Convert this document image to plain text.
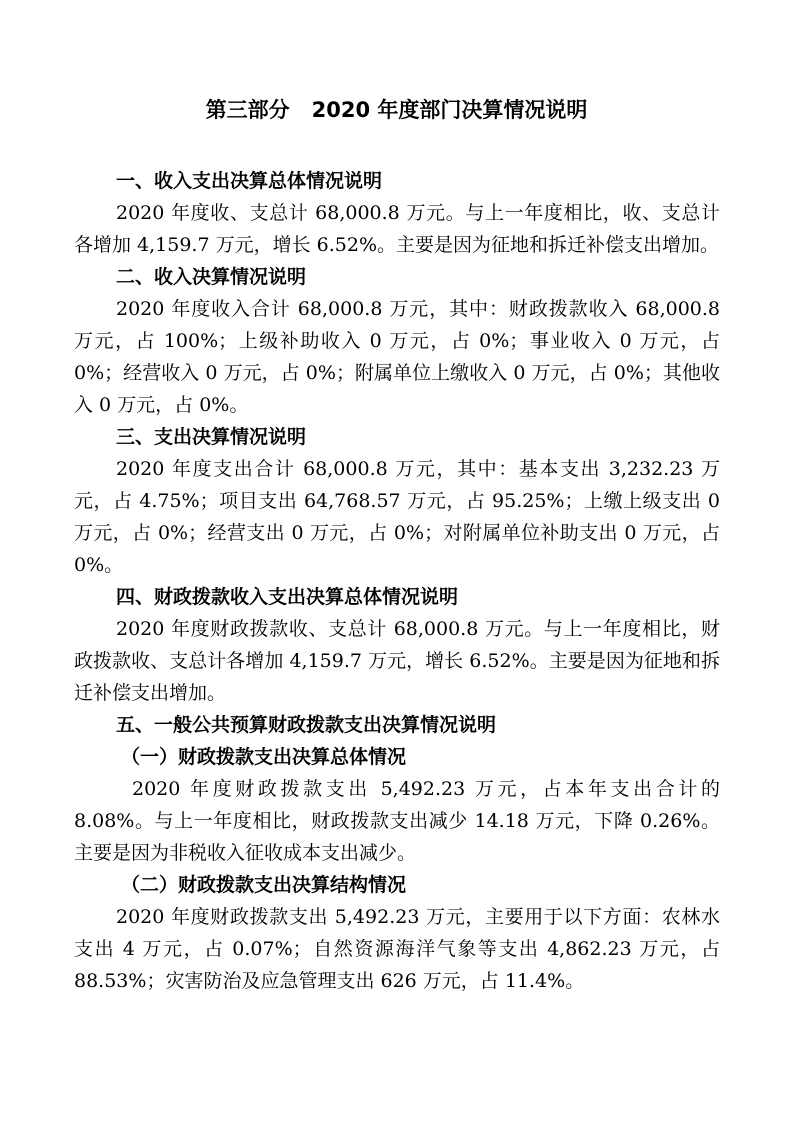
第三部分 2020 年度部门决算情况说明
一、收入支出决算总体情况说明
2020 年度收、支总计 68,000.8 万元。与上一年度相比，收、支总计各增加 4,159.7 万元，增长 6.52%。主要是因为征地和拆迁补偿支出增加。
二、收入决算情况说明
2020 年度收入合计 68,000.8 万元，其中：财政拨款收入 68,000.8 万元，占 100%；上级补助收入 0 万元，占 0%；事业收入 0 万元，占 0%；经营收入 0 万元，占 0%；附属单位上缴收入 0 万元，占 0%；其他收入 0 万元，占 0%。
三、支出决算情况说明
2020 年度支出合计 68,000.8 万元，其中：基本支出 3,232.23 万元，占 4.75%；项目支出 64,768.57 万元，占 95.25%；上缴上级支出 0 万元，占 0%；经营支出 0 万元，占 0%；对附属单位补助支出 0 万元，占 0%。
四、财政拨款收入支出决算总体情况说明
2020 年度财政拨款收、支总计 68,000.8 万元。与上一年度相比，财政拨款收、支总计各增加 4,159.7 万元，增长 6.52%。主要是因为征地和拆迁补偿支出增加。
五、一般公共预算财政拨款支出决算情况说明
（一）财政拨款支出决算总体情况
2020 年度财政拨款支出 5,492.23 万元，占本年支出合计的 8.08%。与上一年度相比，财政拨款支出减少 14.18 万元，下降 0.26%。主要是因为非税收入征收成本支出减少。
（二）财政拨款支出决算结构情况
2020 年度财政拨款支出 5,492.23 万元，主要用于以下方面：农林水支出 4 万元，占 0.07%；自然资源海洋气象等支出 4,862.23 万元，占 88.53%；灾害防治及应急管理支出 626 万元，占 11.4%。
